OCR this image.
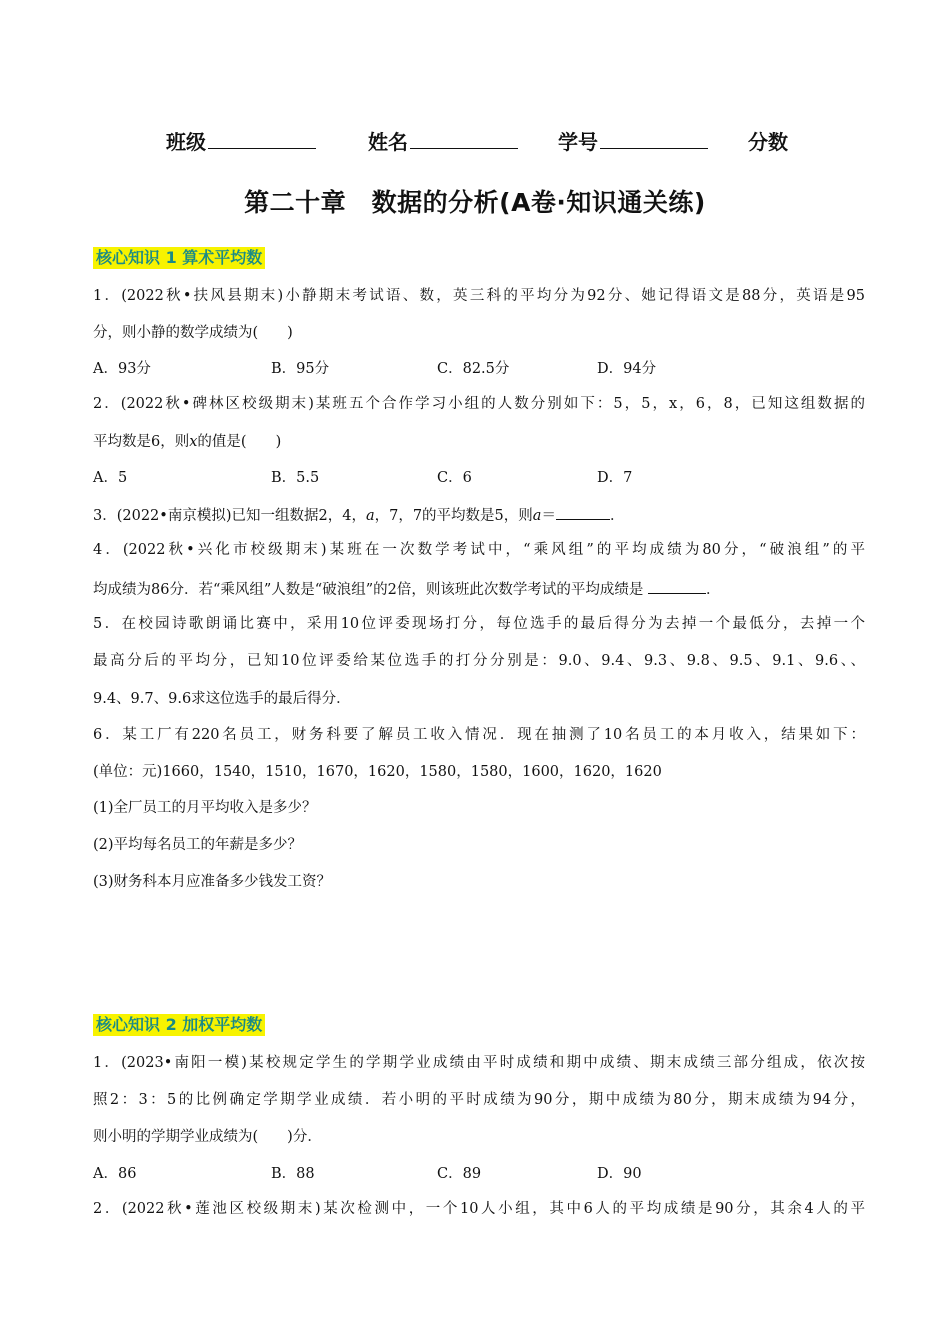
班级	姓名	学号	分数
第二十章　数据的分析(A卷·知识通关练)
核心知识 1 算术平均数
1．(2022秋•扶风县期末)小静期末考试语、数，英三科的平均分为92分、她记得语文是88分，英语是95
分，则小静的数学成绩为(　　)
A．93分	B．95分	C．82.5分	D．94分
2．(2022秋•碑林区校级期末)某班五个合作学习小组的人数分别如下：5，5，x，6，8，已知这组数据的
平均数是6，则x的值是(　　)
A．5	B．5.5	C．6	D．7
3．(2022•南京模拟)已知一组数据2，4，a，7，7的平均数是5，则a＝	．
4．(2022秋•兴化市校级期末)某班在一次数学考试中，“乘风组”的平均成绩为80分，“破浪组”的平
均成绩为86分．若“乘风组”人数是“破浪组”的2倍，则该班此次数学考试的平均成绩是	．
5．在校园诗歌朗诵比赛中，采用10位评委现场打分，每位选手的最后得分为去掉一个最低分，去掉一个
最高分后的平均分，已知10位评委给某位选手的打分分别是：9.0、9.4、9.3、9.8、9.5、9.1、9.6、、
9.4、9.7、9.6求这位选手的最后得分．
6．某工厂有220名员工，财务科要了解员工收入情况．现在抽测了10名员工的本月收入，结果如下：
(单位：元)1660，1540，1510，1670，1620，1580，1580，1600，1620，1620
(1)全厂员工的月平均收入是多少？
(2)平均每名员工的年薪是多少？
(3)财务科本月应准备多少钱发工资？
核心知识 2 加权平均数
1．(2023•南阳一模)某校规定学生的学期学业成绩由平时成绩和期中成绩、期末成绩三部分组成，依次按
照2：3：5的比例确定学期学业成绩．若小明的平时成绩为90分，期中成绩为80分，期末成绩为94分，
则小明的学期学业成绩为(　　)分．
A．86	B．88	C．89	D．90
2．(2022秋•莲池区校级期末)某次检测中，一个10人小组，其中6人的平均成绩是90分，其余4人的平
